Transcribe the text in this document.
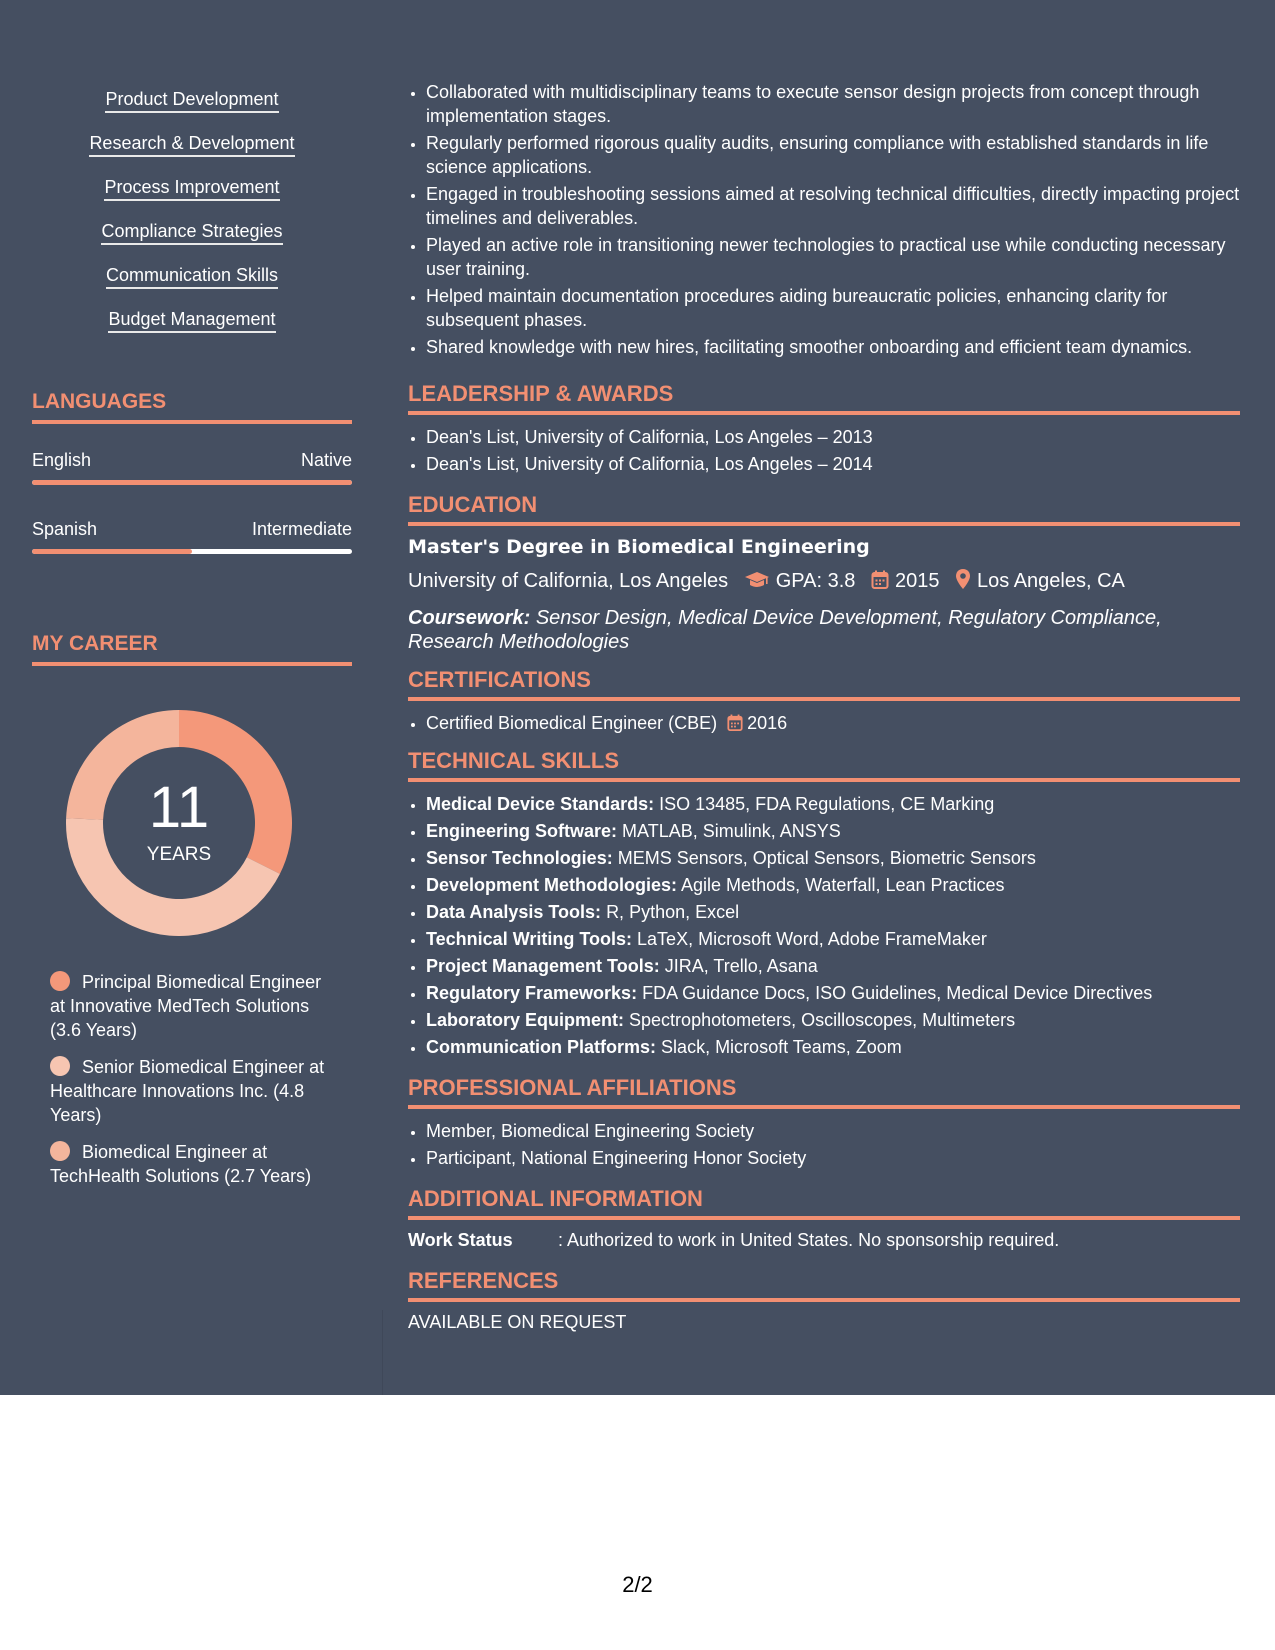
Product Development
Research & Development
Process Improvement
Compliance Strategies
Communication Skills
Budget Management
LANGUAGES
English	Native
Spanish	Intermediate
MY CAREER
11
YEARS
Principal Biomedical Engineer at Innovative MedTech Solutions (3.6 Years)
Senior Biomedical Engineer at Healthcare Innovations Inc. (4.8 Years)
Biomedical Engineer at TechHealth Solutions (2.7 Years)
• Collaborated with multidisciplinary teams to execute sensor design projects from concept through implementation stages.
• Regularly performed rigorous quality audits, ensuring compliance with established standards in life science applications.
• Engaged in troubleshooting sessions aimed at resolving technical difficulties, directly impacting project timelines and deliverables.
• Played an active role in transitioning newer technologies to practical use while conducting necessary user training.
• Helped maintain documentation procedures aiding bureaucratic policies, enhancing clarity for subsequent phases.
• Shared knowledge with new hires, facilitating smoother onboarding and efficient team dynamics.
LEADERSHIP & AWARDS
• Dean's List, University of California, Los Angeles – 2013
• Dean's List, University of California, Los Angeles – 2014
EDUCATION
Master's Degree in Biomedical Engineering
University of California, Los Angeles GPA: 3.8 2015 Los Angeles, CA
Coursework: Sensor Design, Medical Device Development, Regulatory Compliance, Research Methodologies
CERTIFICATIONS
• Certified Biomedical Engineer (CBE) 2016
TECHNICAL SKILLS
• Medical Device Standards: ISO 13485, FDA Regulations, CE Marking
• Engineering Software: MATLAB, Simulink, ANSYS
• Sensor Technologies: MEMS Sensors, Optical Sensors, Biometric Sensors
• Development Methodologies: Agile Methods, Waterfall, Lean Practices
• Data Analysis Tools: R, Python, Excel
• Technical Writing Tools: LaTeX, Microsoft Word, Adobe FrameMaker
• Project Management Tools: JIRA, Trello, Asana
• Regulatory Frameworks: FDA Guidance Docs, ISO Guidelines, Medical Device Directives
• Laboratory Equipment: Spectrophotometers, Oscilloscopes, Multimeters
• Communication Platforms: Slack, Microsoft Teams, Zoom
PROFESSIONAL AFFILIATIONS
• Member, Biomedical Engineering Society
• Participant, National Engineering Honor Society
ADDITIONAL INFORMATION
Work Status	: Authorized to work in United States. No sponsorship required.
REFERENCES
AVAILABLE ON REQUEST
2/2
